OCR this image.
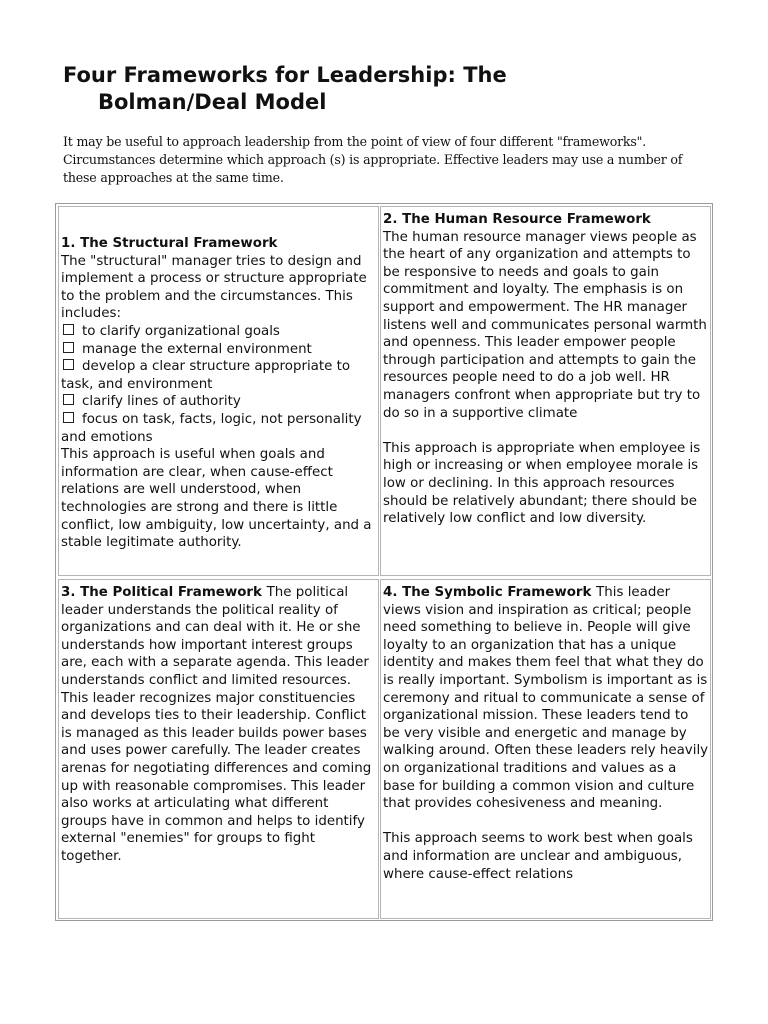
Four Frameworks for Leadership: The
Bolman/Deal Model

It may be useful to approach leadership from the point of view of four different "frameworks". Circumstances determine which approach (s) is appropriate. Effective leaders may use a number of these approaches at the same time.

1. The Structural Framework
The "structural" manager tries to design and implement a process or structure appropriate to the problem and the circumstances. This includes:
to clarify organizational goals
manage the external environment
develop a clear structure appropriate to task, and environment
clarify lines of authority
focus on task, facts, logic, not personality and emotions
This approach is useful when goals and information are clear, when cause-effect relations are well understood, when technologies are strong and there is little conflict, low ambiguity, low uncertainty, and a stable legitimate authority.
2. The Human Resource Framework
The human resource manager views people as the heart of any organization and attempts to be responsive to needs and goals to gain commitment and loyalty. The emphasis is on support and empowerment. The HR manager listens well and communicates personal warmth and openness. This leader empower people through participation and attempts to gain the resources people need to do a job well. HR managers confront when appropriate but try to do so in a supportive climate
This approach is appropriate when employee is high or increasing or when employee morale is low or declining. In this approach resources should be relatively abundant; there should be relatively low conflict and low diversity.
3. The Political Framework The political leader understands the political reality of organizations and can deal with it. He or she understands how important interest groups are, each with a separate agenda. This leader understands conflict and limited resources. This leader recognizes major constituencies and develops ties to their leadership. Conflict is managed as this leader builds power bases and uses power carefully. The leader creates arenas for negotiating differences and coming up with reasonable compromises. This leader also works at articulating what different groups have in common and helps to identify external "enemies" for groups to fight together.
4. The Symbolic Framework This leader views vision and inspiration as critical; people need something to believe in. People will give loyalty to an organization that has a unique identity and makes them feel that what they do is really important. Symbolism is important as is ceremony and ritual to communicate a sense of organizational mission. These leaders tend to be very visible and energetic and manage by walking around. Often these leaders rely heavily on organizational traditions and values as a base for building a common vision and culture that provides cohesiveness and meaning.
This approach seems to work best when goals and information are unclear and ambiguous, where cause-effect relations
